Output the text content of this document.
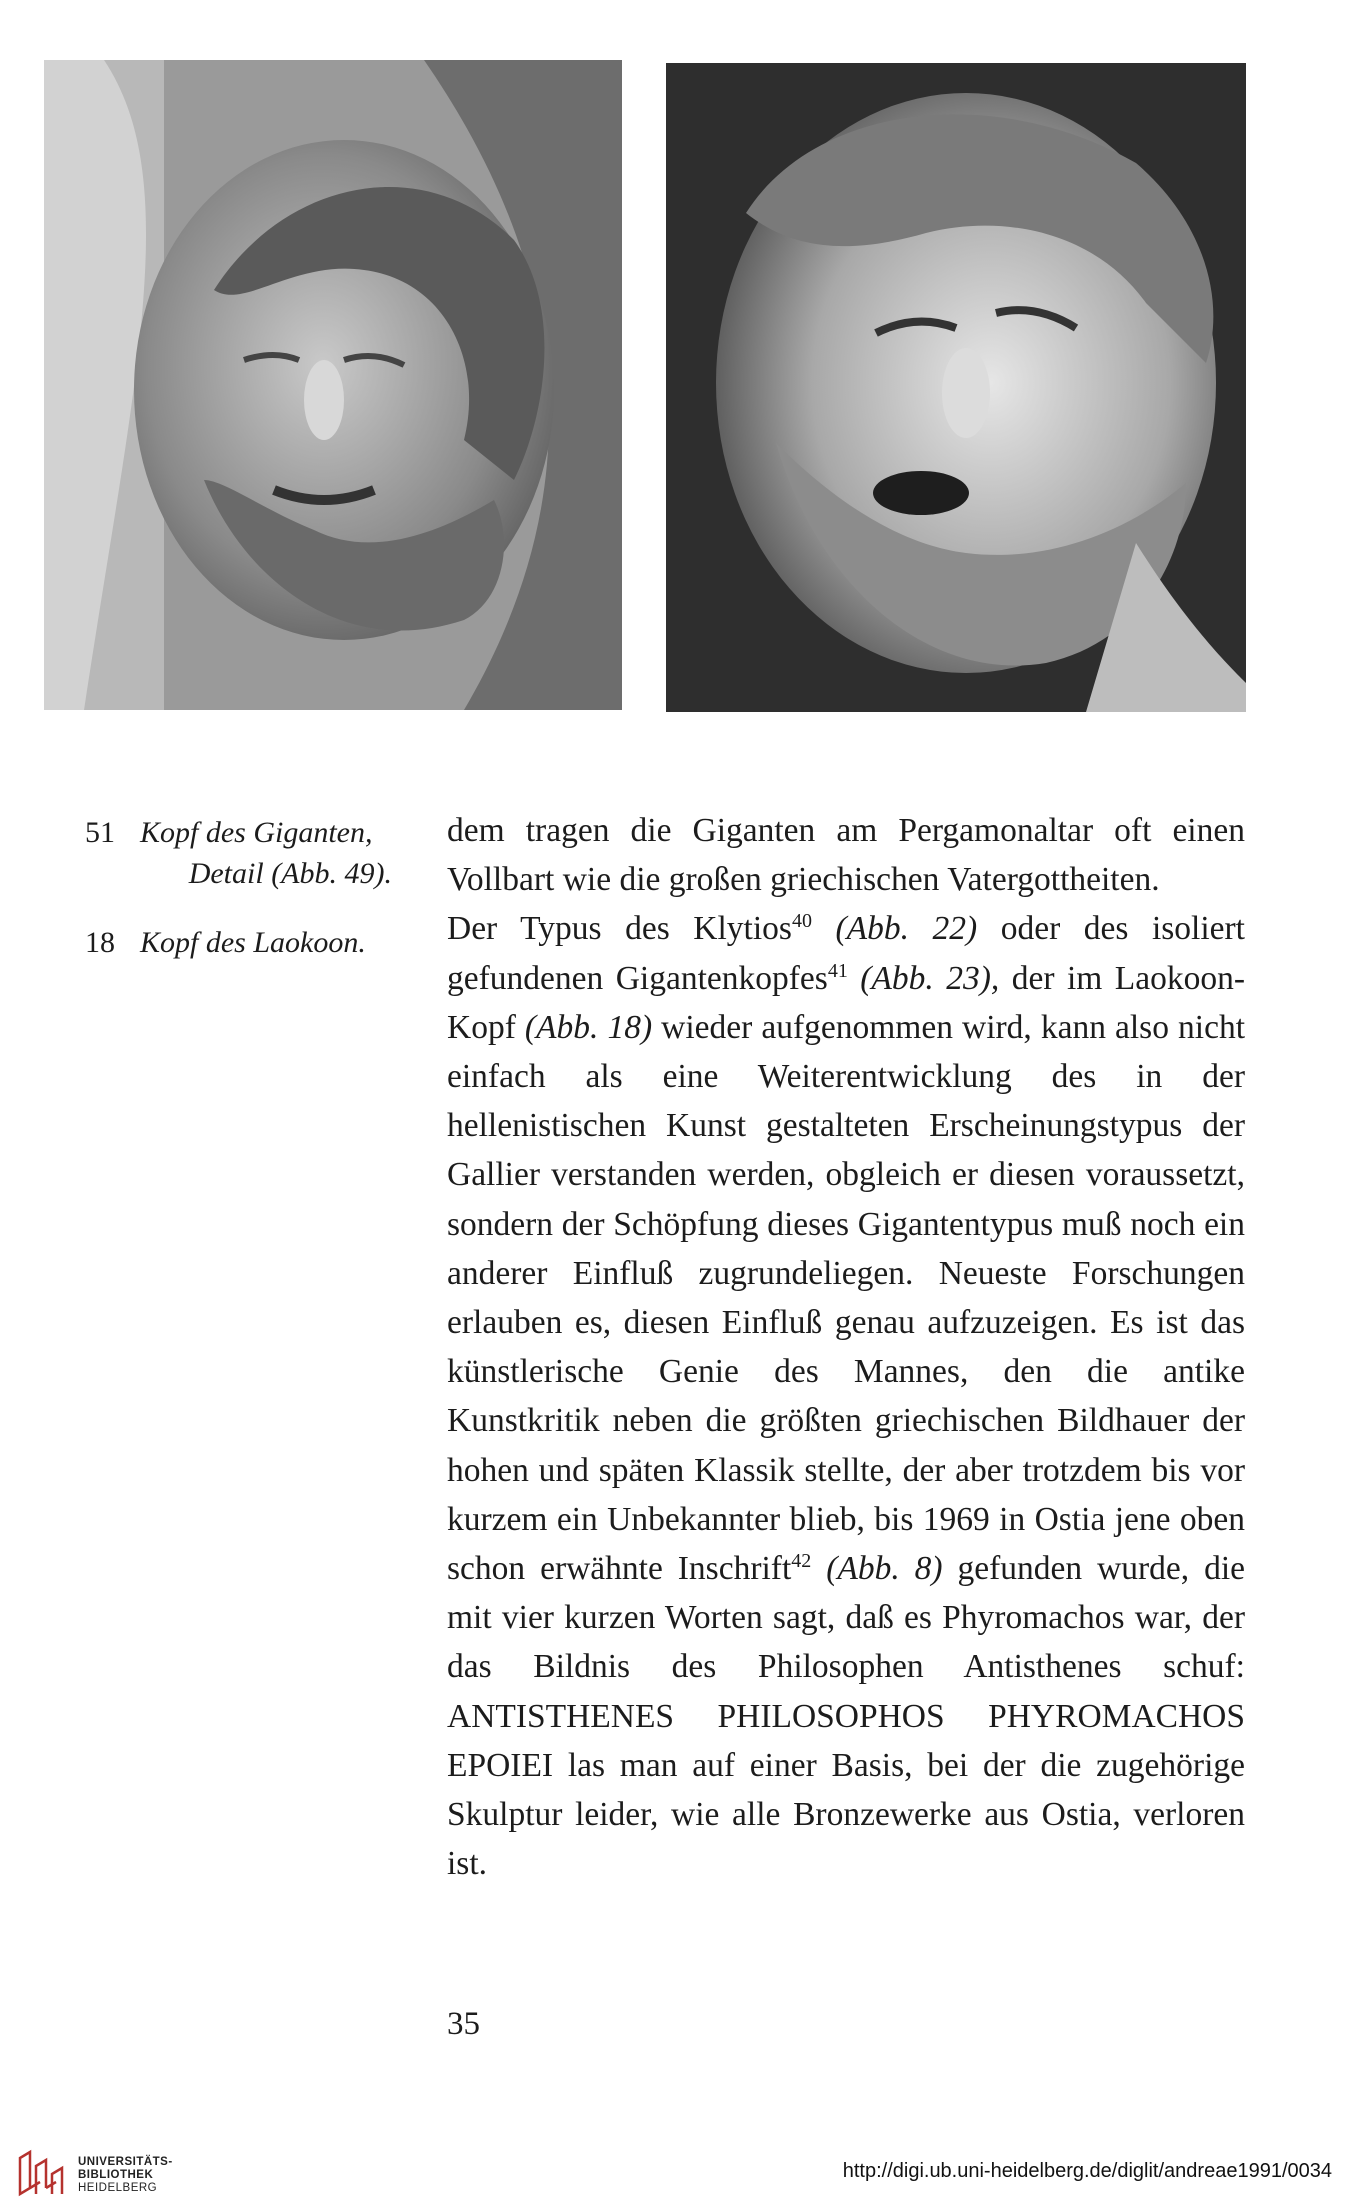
51 Kopf des Giganten,
Detail (Abb. 49).
18 Kopf des Laokoon.

dem tragen die Giganten am Pergamonaltar oft einen Vollbart wie die großen griechischen Vatergottheiten.

Der Typus des Klytios$^{40}$ (Abb. 22) oder des isoliert gefundenen Gigantenkopfes$^{41}$ (Abb. 23), der im Laokoon-Kopf (Abb. 18) wieder aufgenommen wird, kann also nicht einfach als eine Weiterentwicklung des in der hellenistischen Kunst gestalteten Erscheinungstypus der Gallier verstanden werden, obgleich er diesen voraussetzt, sondern der Schöpfung dieses Gigantentypus muß noch ein anderer Einfluß zugrundeliegen. Neueste Forschungen erlauben es, diesen Einfluß genau aufzuzeigen. Es ist das künstlerische Genie des Mannes, den die antike Kunstkritik neben die größten griechischen Bildhauer der hohen und späten Klassik stellte, der aber trotzdem bis vor kurzem ein Unbekannter blieb, bis 1969 in Ostia jene oben schon erwähnte Inschrift$^{42}$ (Abb. 8) gefunden wurde, die mit vier kurzen Worten sagt, daß es Phyromachos war, der das Bildnis des Philosophen Antisthenes schuf: ANTISTHENES PHILOSOPHOS PHYROMACHOS EPOIEI las man auf einer Basis, bei der die zugehörige Skulptur leider, wie alle Bronzewerke aus Ostia, verloren ist.

35
UNIVERSITÄTS-
BIBLIOTHEK
HEIDELBERG
http://digi.ub.uni-heidelberg.de/diglit/andreae1991/0034
